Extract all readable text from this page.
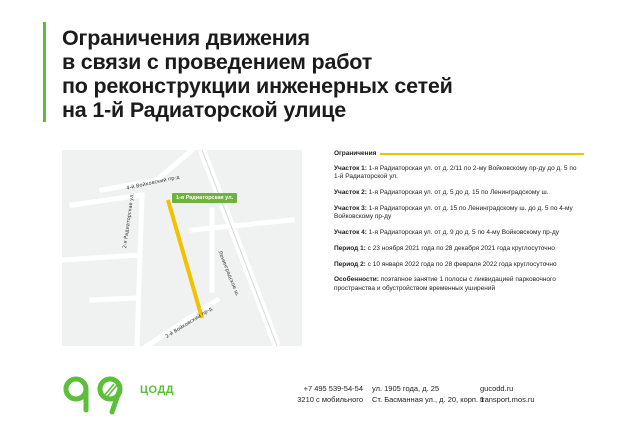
Ограничения движения
в связи с проведением работ
по реконструкции инженерных сетей
на 1-й Радиаторской улице
1-я Радиаторская ул.
4-й Войковский пр-д
2-я Радиаторская ул.
Ленинградское ш.
2-й Войковский пр-д
Ограничения
Участок 1: 1-я Радиаторская ул. от д. 2/11 по 2-му Войковскому пр-ду до д. 5 по 1-й Радиаторской ул.
Участок 2: 1-я Радиаторская ул. от д. 5 до д. 15 по Ленинградскому ш.
Участок 3: 1-я Радиаторская ул. от д. 15 по Ленинградскому ш. до д. 5 по 4-му Войковскому пр-ду
Участок 4: 1-я Радиаторская ул. от д. 9 до д. 5 по 4-му Войковскому пр-ду
Период 1: с 23 ноября 2021 года по 28 декабря 2021 года круглосуточно
Период 2: с 10 января 2022 года по 28 февраля 2022 года круглосуточно
Особенности: поэтапное занятие 1 полосы с ликвидацией парковочного пространства и обустройством временных уширений
ЦОДД	+7 495 539-54-54
3210 с мобильного
ул. 1905 года, д. 25
Ст. Басманная ул., д. 20, корп. 1
gucodd.ru
transport.mos.ru
